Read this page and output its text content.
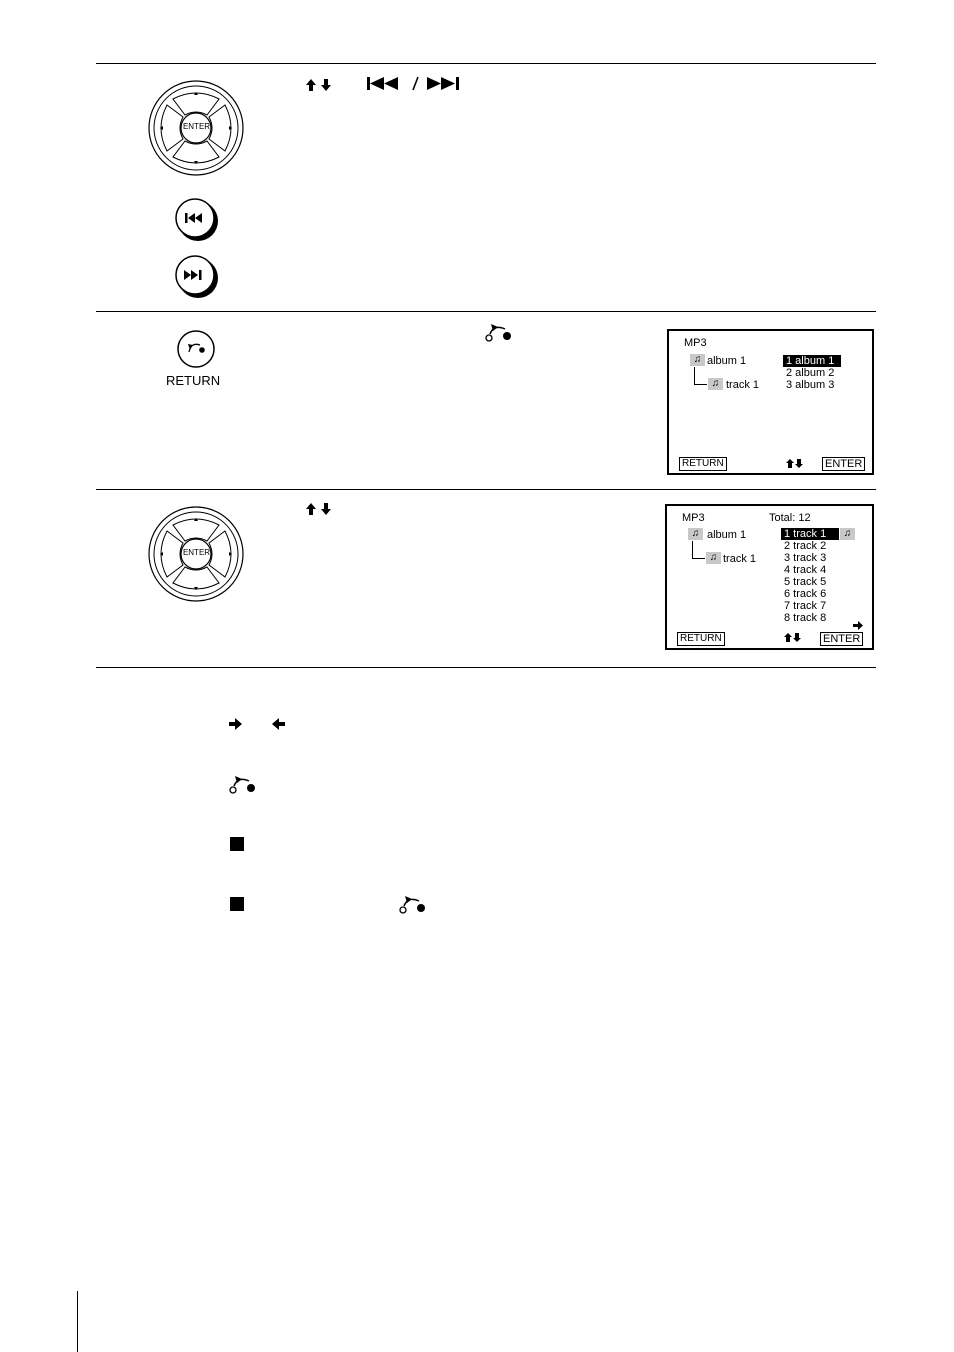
ENTER
RETURN
MP3
♫ album 1
♫ track 1
1 album 1
2 album 2
3 album 3
RETURN	ENTER
ENTER
MP3	Total: 12
♫ album 1
♫ track 1
1 track 1	♫
2 track 2
3 track 3
4 track 4
5 track 5
6 track 6
7 track 7
8 track 8
RETURN	ENTER
